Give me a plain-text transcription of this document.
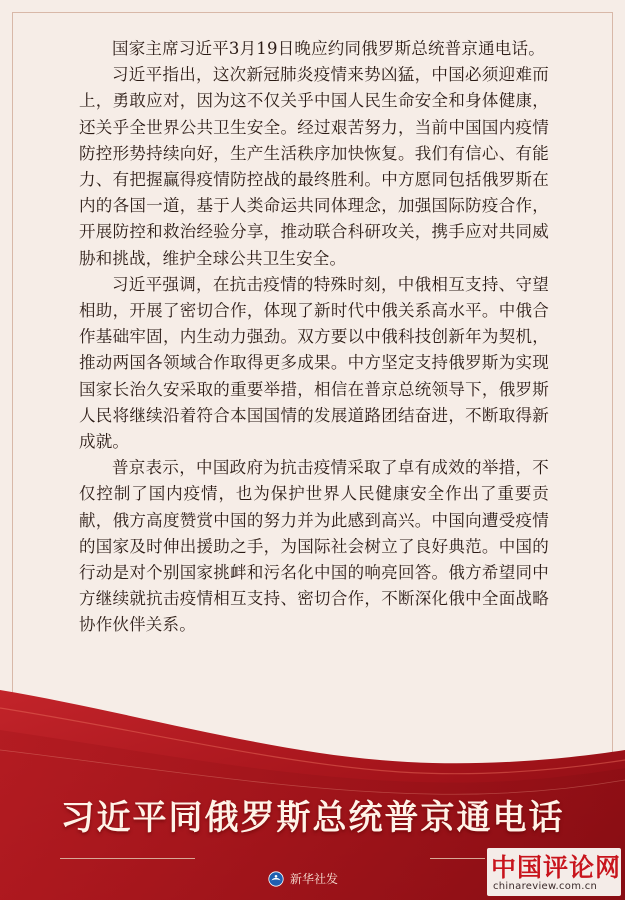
国家主席习近平3月19日晚应约同俄罗斯总统普京通电话。

习近平指出，这次新冠肺炎疫情来势凶猛，中国必须迎难而上，勇敢应对，因为这不仅关乎中国人民生命安全和身体健康，还关乎全世界公共卫生安全。经过艰苦努力，当前中国国内疫情防控形势持续向好，生产生活秩序加快恢复。我们有信心、有能力、有把握赢得疫情防控战的最终胜利。中方愿同包括俄罗斯在内的各国一道，基于人类命运共同体理念，加强国际防疫合作，开展防控和救治经验分享，推动联合科研攻关，携手应对共同威胁和挑战，维护全球公共卫生安全。

习近平强调，在抗击疫情的特殊时刻，中俄相互支持、守望相助，开展了密切合作，体现了新时代中俄关系高水平。中俄合作基础牢固，内生动力强劲。双方要以中俄科技创新年为契机，推动两国各领域合作取得更多成果。中方坚定支持俄罗斯为实现国家长治久安采取的重要举措，相信在普京总统领导下，俄罗斯人民将继续沿着符合本国国情的发展道路团结奋进，不断取得新成就。

普京表示，中国政府为抗击疫情采取了卓有成效的举措，不仅控制了国内疫情，也为保护世界人民健康安全作出了重要贡献，俄方高度赞赏中国的努力并为此感到高兴。中国向遭受疫情的国家及时伸出援助之手，为国际社会树立了良好典范。中国的行动是对个别国家挑衅和污名化中国的响亮回答。俄方希望同中方继续就抗击疫情相互支持、密切合作，不断深化俄中全面战略协作伙伴关系。

习近平同俄罗斯总统普京通电话
新华社发	中国评论网
chinareview.com.cn
